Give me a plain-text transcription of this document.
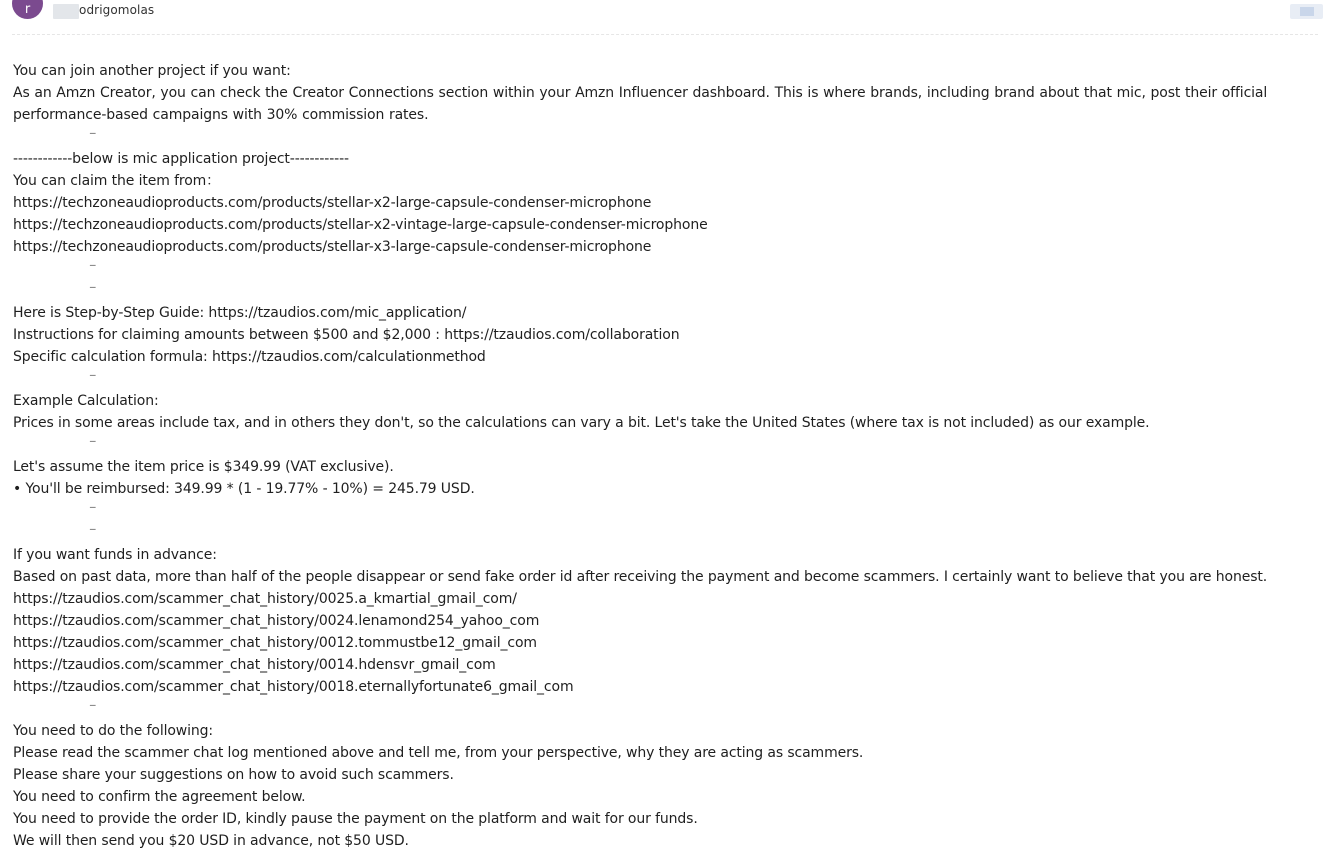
r	odrigomolas
You can join another project if you want:
As an Amzn Creator, you can check the Creator Connections section within your Amzn Influencer dashboard. This is where brands, including brand about that mic, post their official performance-based campaigns with 30% commission rates.
_
------------below is mic application project------------
You can claim the item from：
https://techzoneaudioproducts.com/products/stellar-x2-large-capsule-condenser-microphone
https://techzoneaudioproducts.com/products/stellar-x2-vintage-large-capsule-condenser-microphone
https://techzoneaudioproducts.com/products/stellar-x3-large-capsule-condenser-microphone
_
_
Here is Step-by-Step Guide: https://tzaudios.com/mic_application/
Instructions for claiming amounts between $500 and $2,000 : https://tzaudios.com/collaboration
Specific calculation formula: https://tzaudios.com/calculationmethod
_
Example Calculation:
Prices in some areas include tax, and in others they don't, so the calculations can vary a bit. Let's take the United States (where tax is not included) as our example.
_
Let's assume the item price is $349.99 (VAT exclusive).
• You'll be reimbursed: 349.99 * (1 - 19.77% - 10%) = 245.79 USD.
_
_
If you want funds in advance:
Based on past data, more than half of the people disappear or send fake order id after receiving the payment and become scammers. I certainly want to believe that you are honest.
https://tzaudios.com/scammer_chat_history/0025.a_kmartial_gmail_com/
https://tzaudios.com/scammer_chat_history/0024.lenamond254_yahoo_com
https://tzaudios.com/scammer_chat_history/0012.tommustbe12_gmail_com
https://tzaudios.com/scammer_chat_history/0014.hdensvr_gmail_com
https://tzaudios.com/scammer_chat_history/0018.eternallyfortunate6_gmail_com
_
You need to do the following:
Please read the scammer chat log mentioned above and tell me, from your perspective, why they are acting as scammers.
Please share your suggestions on how to avoid such scammers.
You need to confirm the agreement below.
You need to provide the order ID, kindly pause the payment on the platform and wait for our funds.
We will then send you $20 USD in advance, not $50 USD.
